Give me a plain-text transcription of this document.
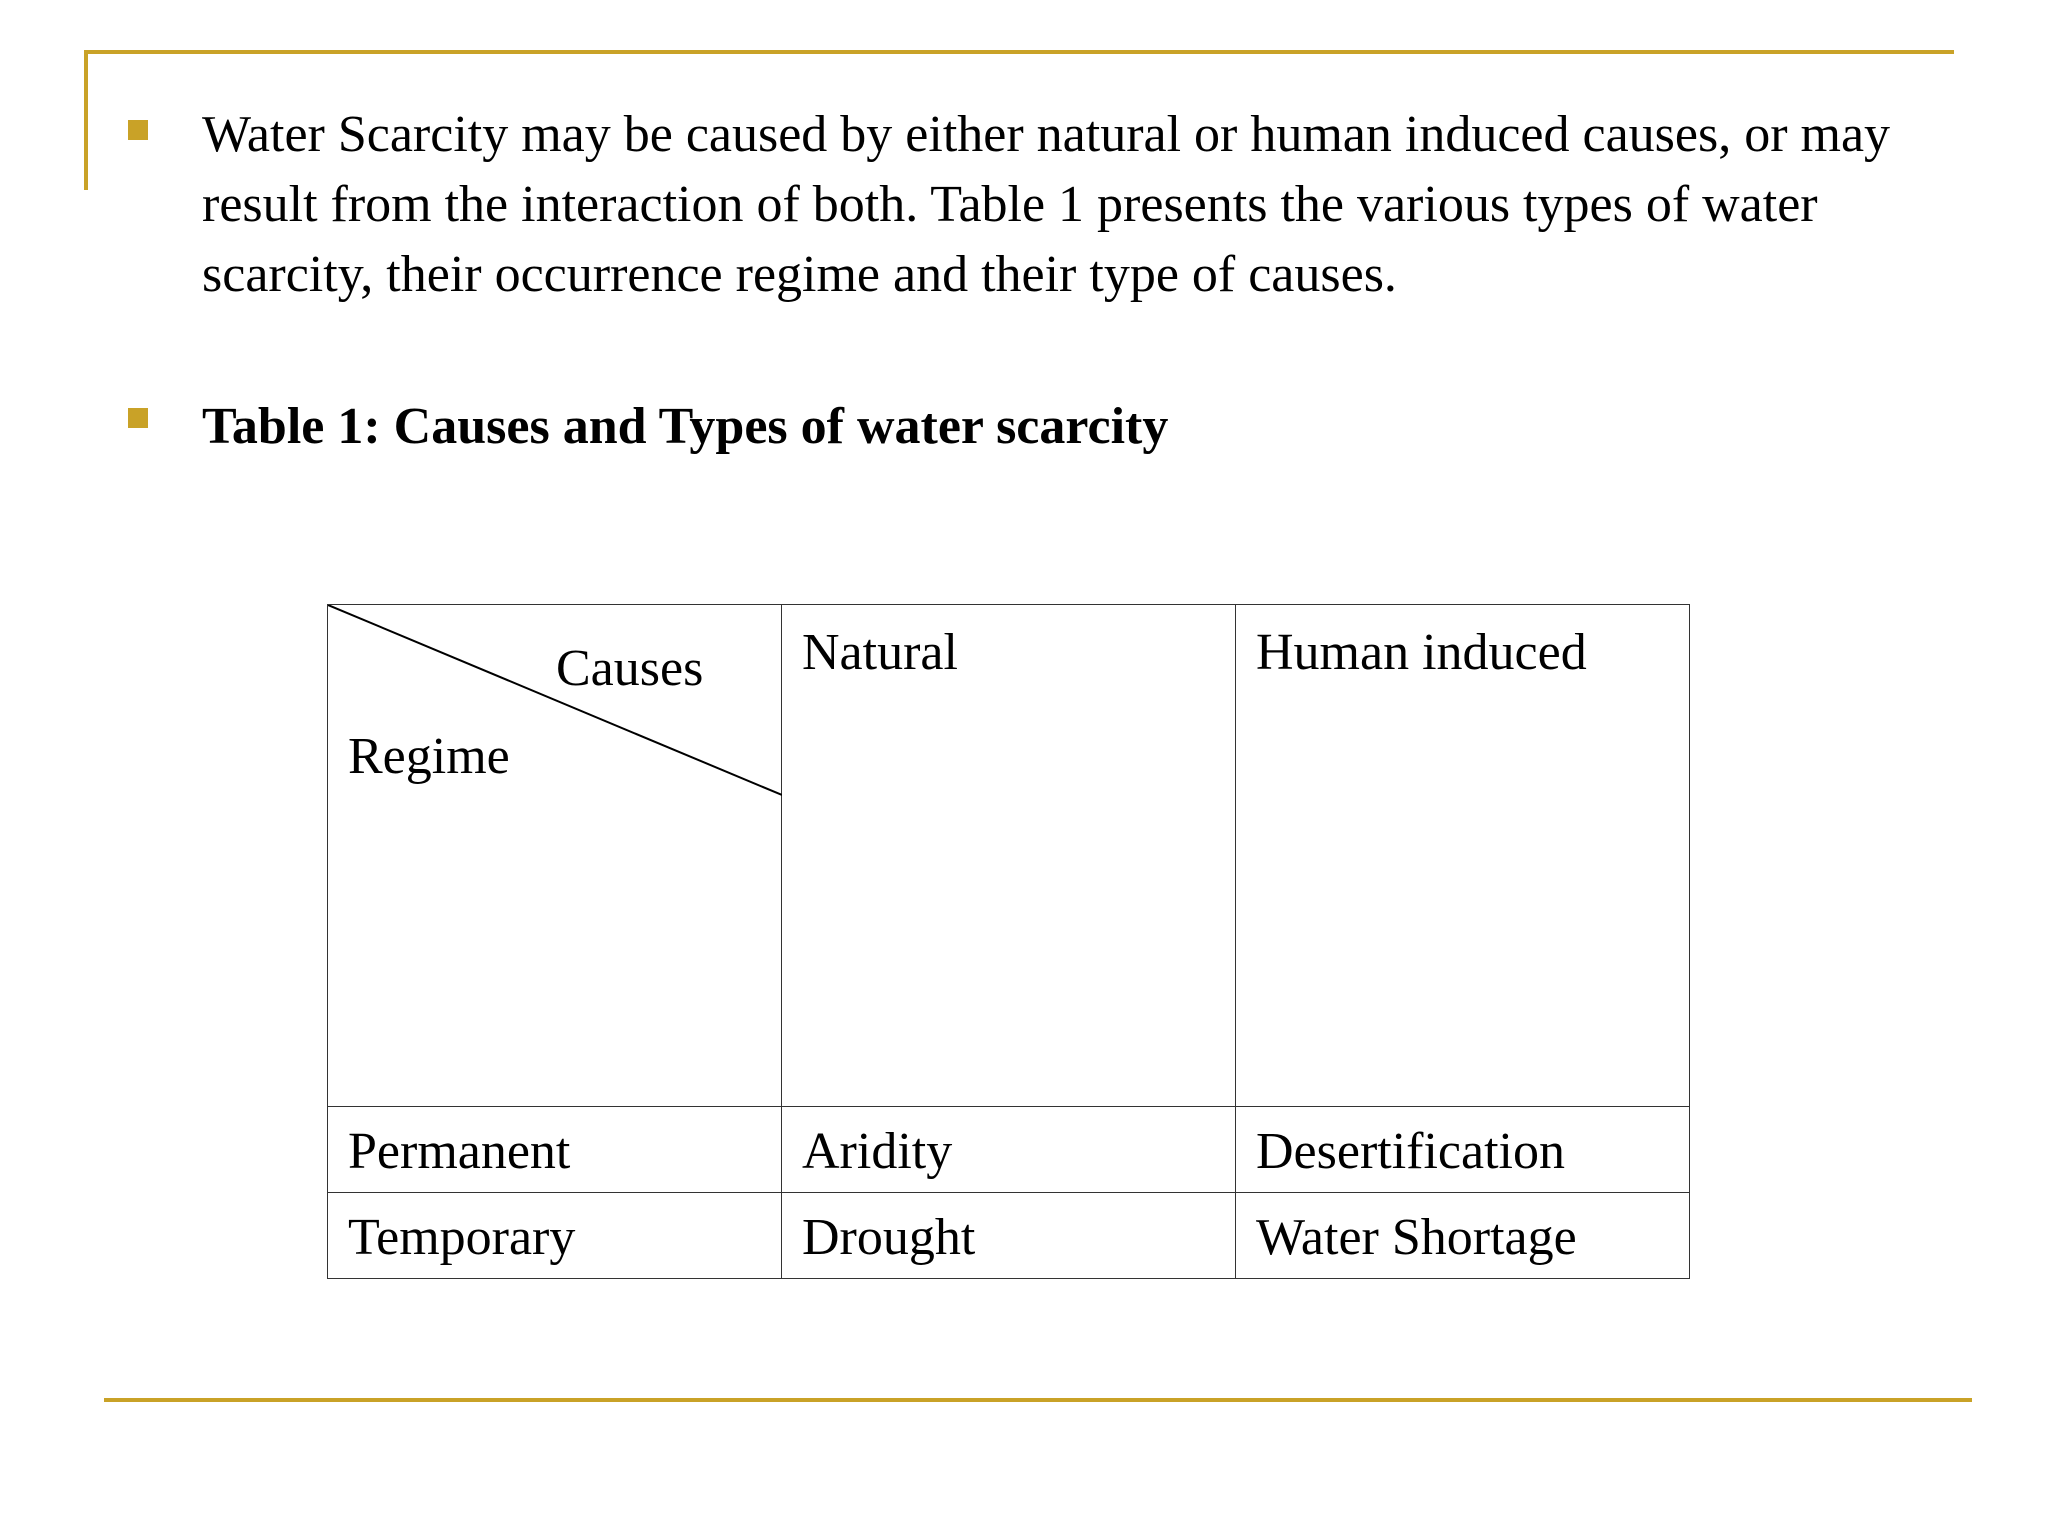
Water Scarcity may be caused by either natural or human induced causes, or may result from the interaction of both. Table 1 presents the various types of water scarcity, their occurrence regime and their type of causes.
Table 1: Causes and Types of water scarcity
Causes
Regime	Natural	Human induced
Permanent	Aridity	Desertification
Temporary	Drought	Water Shortage
